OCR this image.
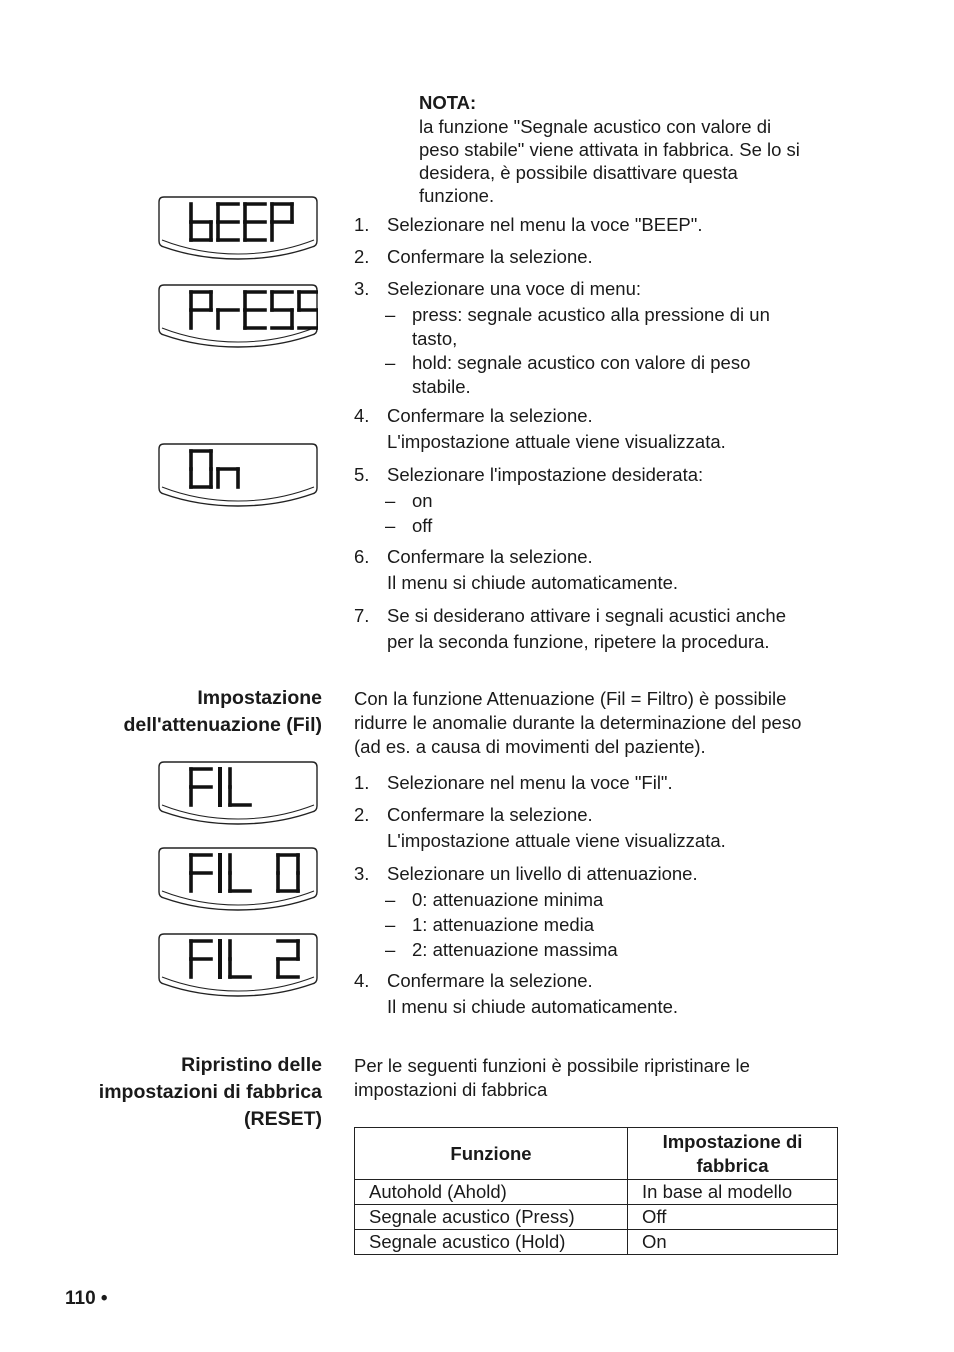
NOTA:
la funzione "Segnale acustico con valore di
peso stabile" viene attivata in fabbrica. Se lo si
desidera, è possibile disattivare questa
funzione.
1. Selezionare nel menu la voce "BEEP".
2. Confermare la selezione.
3. Selezionare una voce di menu:
– press: segnale acustico alla pressione di un
tasto,
– hold: segnale acustico con valore di peso
stabile.
4. Confermare la selezione.
L'impostazione attuale viene visualizzata.
5. Selezionare l'impostazione desiderata:
– on
– off
6. Confermare la selezione.
Il menu si chiude automaticamente.
7. Se si desiderano attivare i segnali acustici anche
per la seconda funzione, ripetere la procedura.
Impostazione
dell'attenuazione (Fil)
Con la funzione Attenuazione (Fil = Filtro) è possibile
ridurre le anomalie durante la determinazione del peso
(ad es. a causa di movimenti del paziente).
1. Selezionare nel menu la voce "Fil".
2. Confermare la selezione.
L'impostazione attuale viene visualizzata.
3. Selezionare un livello di attenuazione.
– 0: attenuazione minima
– 1: attenuazione media
– 2: attenuazione massima
4. Confermare la selezione.
Il menu si chiude automaticamente.
Ripristino delle
impostazioni di fabbrica
(RESET)
Per le seguenti funzioni è possibile ripristinare le
impostazioni di fabbrica
Funzione	Impostazione di
fabbrica

Autohold (Ahold)	In base al modello
Segnale acustico (Press)	Off
Segnale acustico (Hold)	On
110 •
